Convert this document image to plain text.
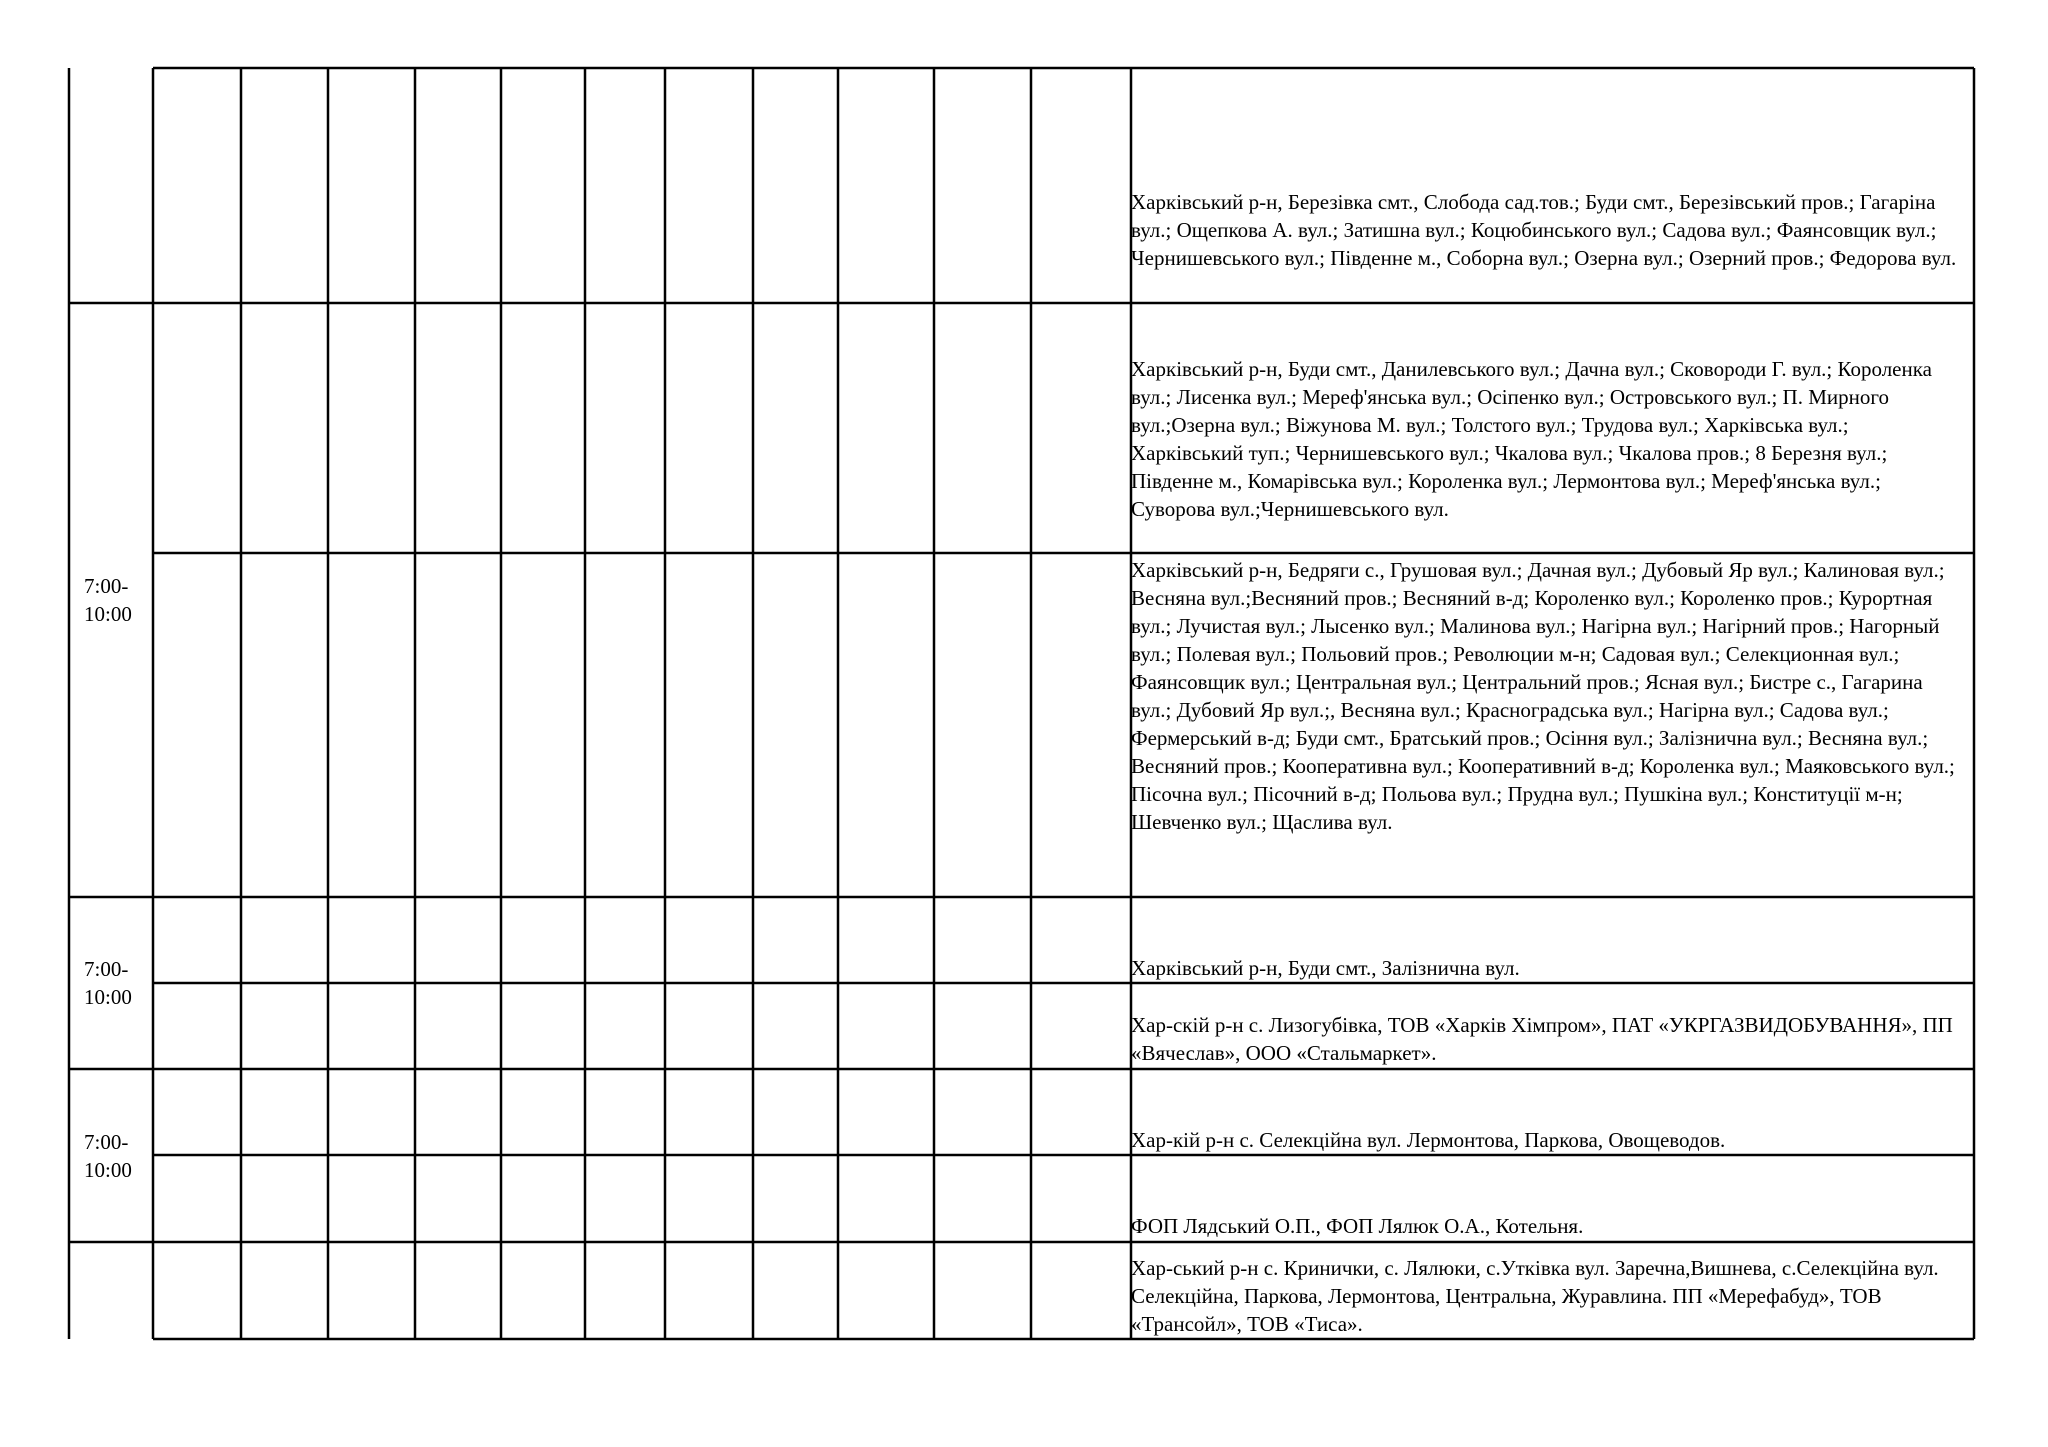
7:00-10:00
7:00-10:00
7:00-10:00
Харківський р-н, Березівка смт., Слобода сад.тов.; Буди смт., Березівський пров.; Гагаріна вул.; Ощепкова А. вул.; Затишна вул.; Коцюбинського вул.; Садова вул.; Фаянсовщик вул.; Чернишевського вул.; Південне м., Соборна вул.; Озерна вул.; Озерний пров.; Федорова вул.
Харківський р-н, Буди смт., Данилевського вул.; Дачна вул.; Сковороди Г. вул.; Короленка вул.; Лисенка вул.; Мереф'янська вул.; Осіпенко вул.; Островського вул.; П. Мирного вул.;Озерна вул.; Віжунова М. вул.; Толстого вул.; Трудова вул.; Харківська вул.; Харківський туп.; Чернишевського вул.; Чкалова вул.; Чкалова пров.; 8 Березня вул.; Південне м., Комарівська вул.; Короленка вул.; Лермонтова вул.; Мереф'янська вул.; Суворова вул.;Чернишевського вул.
Харківський р-н, Бедряги с., Грушовая вул.; Дачная вул.; Дубовый Яр вул.; Калиновая вул.; Весняна вул.;Весняний пров.; Весняний в-д; Короленко вул.; Короленко пров.; Курортная вул.; Лучистая вул.; Лысенко вул.; Малинова вул.; Нагірна вул.; Нагірний пров.; Нагорный вул.; Полевая вул.; Польовий пров.; Революции м-н; Садовая вул.; Селекционная вул.; Фаянсовщик вул.; Центральная вул.; Центральний пров.; Ясная вул.; Бистре с., Гагарина вул.; Дубовий Яр вул.;, Весняна вул.; Красноградська вул.; Нагірна вул.; Садова вул.; Фермерський в-д; Буди смт., Братський пров.; Осіння вул.; Залізнична вул.; Весняна вул.; Весняний пров.; Кооперативна вул.; Кооперативний в-д; Короленка вул.; Маяковського вул.; Пісочна вул.; Пісочний в-д; Польова вул.; Прудна вул.; Пушкіна вул.; Конституції м-н; Шевченко вул.; Щаслива вул.
Харківський р-н, Буди смт., Залізнична вул.
Хар-скій р-н с. Лизогубівка, ТОВ «Харків Хімпром», ПАТ «УКРГАЗВИДОБУВАННЯ», ПП «Вячеслав», ООО «Стальмаркет».
Хар-кій р-н с. Селекційна вул. Лермонтова, Паркова, Овощеводов.
ФОП Лядський О.П., ФОП Лялюк О.А., Котельня.
Хар-ський р-н с. Кринички, с. Лялюки, с.Утківка вул. Заречна,Вишнева, с.Селекційна вул. Селекційна, Паркова, Лермонтова, Центральна, Журавлина. ПП «Мерефабуд», ТОВ «Трансойл», ТОВ «Тиса».
